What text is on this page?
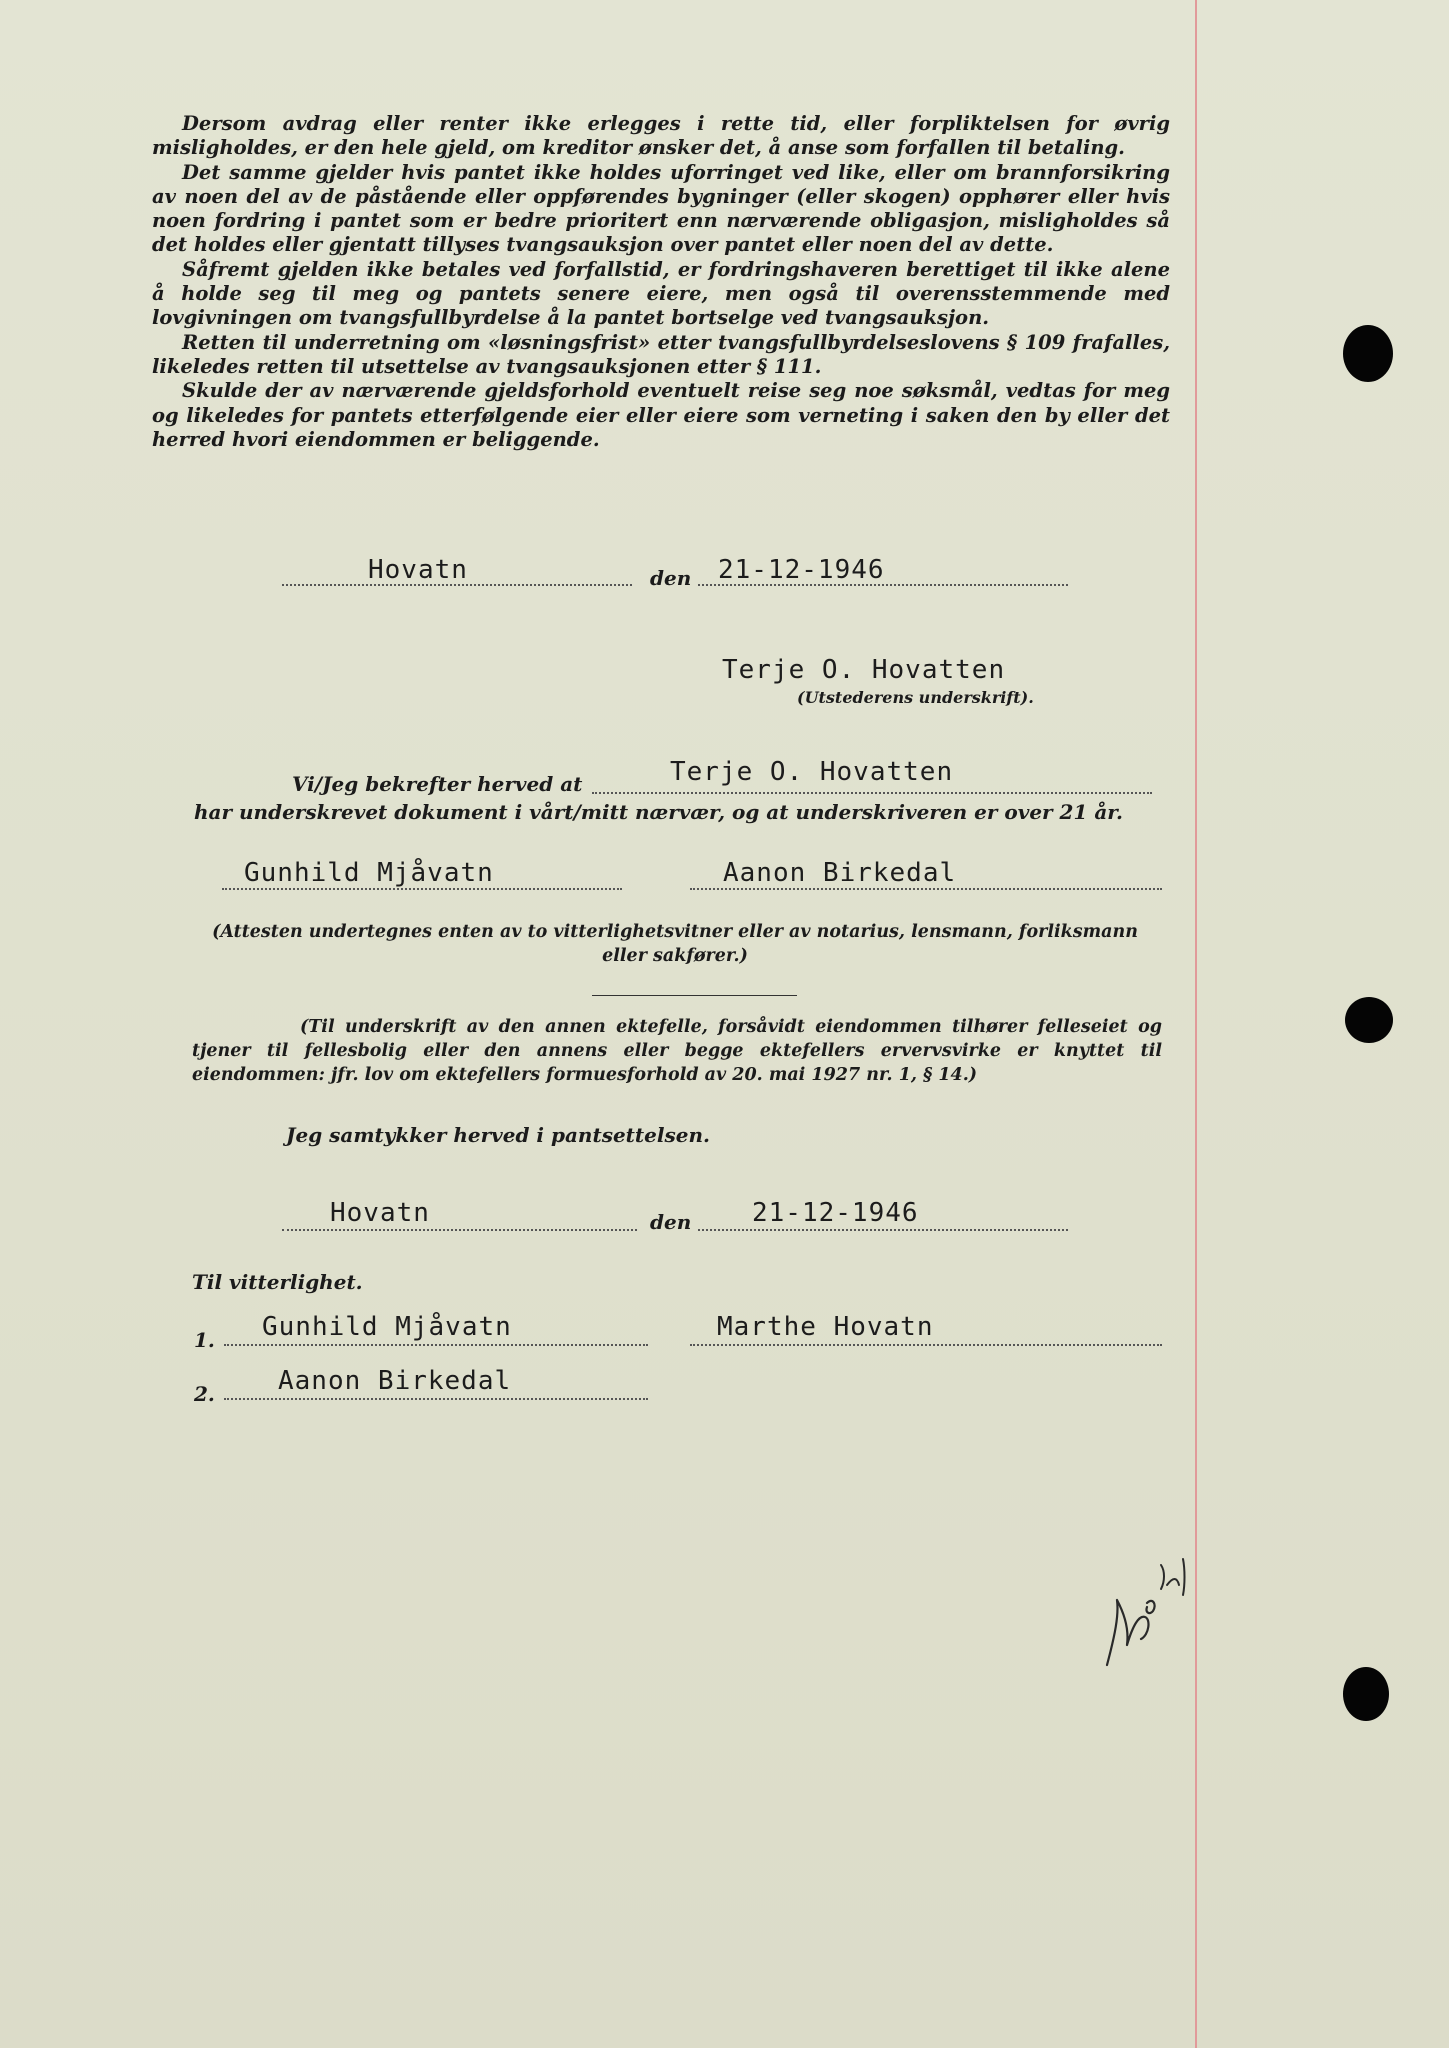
Dersom avdrag eller renter ikke erlegges i rette tid, eller forpliktelsen for øvrig misligholdes, er den hele gjeld, om kreditor ønsker det, å anse som forfallen til betaling.

Det samme gjelder hvis pantet ikke holdes uforringet ved like, eller om brannforsikring av noen del av de påstående eller oppførendes bygninger (eller skogen) opphører eller hvis noen fordring i pantet som er bedre prioritert enn nærværende obligasjon, misligholdes så det holdes eller gjentatt tillyses tvangsauksjon over pantet eller noen del av dette.

Såfremt gjelden ikke betales ved forfallstid, er fordringshaveren berettiget til ikke alene å holde seg til meg og pantets senere eiere, men også til overensstemmende med lovgivningen om tvangsfullbyrdelse å la pantet bortselge ved tvangsauksjon.

Retten til underretning om «løsningsfrist» etter tvangsfullbyrdelseslovens § 109 frafalles, likeledes retten til utsettelse av tvangsauksjonen etter § 111.

Skulde der av nærværende gjeldsforhold eventuelt reise seg noe søksmål, vedtas for meg og likeledes for pantets etterfølgende eier eller eiere som verneting i saken den by eller det herred hvori eiendommen er beliggende.

Hovatn	den 21-12-1946
Terje O. Hovatten
(Utstederens underskrift).
Vi/Jeg bekrefter herved at	Terje O. Hovatten
har underskrevet dokument i vårt/mitt nærvær, og at underskriveren er over 21 år.
Gunhild Mjåvatn	Aanon Birkedal
(Attesten undertegnes enten av to vitterlighetsvitner eller av notarius, lensmann, forliksmann eller sakfører.)
(Til underskrift av den annen ektefelle, forsåvidt eiendommen tilhører felleseiet og tjener til fellesbolig eller den annens eller begge ektefellers ervervsvirke er knyttet til eiendommen: jfr. lov om ektefellers formuesforhold av 20. mai 1927 nr. 1, § 14.)
Jeg samtykker herved i pantsettelsen.
Hovatn	den 21-12-1946
Til vitterlighet.
1. Gunhild Mjåvatn	Marthe Hovatn
2. Aanon Birkedal
